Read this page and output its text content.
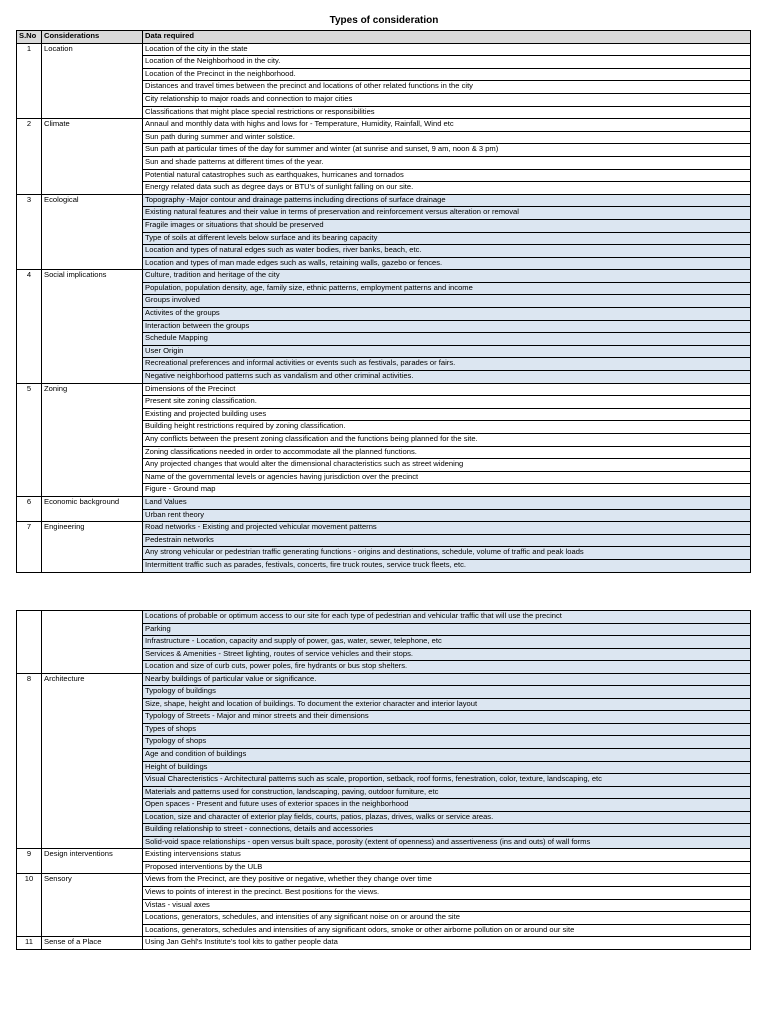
Types of consideration
S.No	Considerations	Data required
1	Location	Location of the city in the state
		Location of the Neighborhood in the city.
		Location of the Precinct in the neighborhood.
		Distances and travel times between the precinct and locations of other related functions in the city
		City relationship to major roads and connection to major cities
		Classifications that might place special restrictions or responsibilities
2	Climate	Annaul and monthly data with highs and lows for - Temperature, Humidity, Rainfall, Wind etc
		Sun path during summer and winter solstice.
		Sun path at particular times of the day for summer and winter (at sunrise and sunset, 9 am, noon & 3 pm)
		Sun and shade patterns at different times of the year.
		Potential natural catastrophes such as earthquakes, hurricanes and tornados
		Energy related data such as degree days or BTU's of sunlight falling on our site.
3	Ecological	Topography -Major contour and drainage patterns including directions of surface drainage
		Existing natural features and their value in terms of preservation and reinforcement versus alteration or removal
		Fragile images or situations that should be preserved
		Type of soils at different levels below surface and its bearing capacity
		Location and types of natural edges such as water bodies, river banks, beach, etc.
		Location and types of man made edges such as walls, retaining walls, gazebo or fences.
4	Social implications	Culture, tradition and heritage of the city
		Population, population density, age, family size, ethnic patterns, employment patterns and income
		Groups involved
		Activites of the groups
		Interaction between the groups
		Schedule Mapping
		User Origin
		Recreational preferences and informal activities or events such as festivals, parades or fairs.
		Negative neighborhood patterns such as vandalism and other criminal activities.
5	Zoning	Dimensions of the Precinct
		Present site zoning classification.
		Existing and projected building uses
		Building height restrictions required by zoning classification.
		Any conflicts between the present zoning classification and the functions being planned for the site.
		Zoning classifications needed in order to accommodate all the planned functions.
		Any projected changes that would alter the dimensional characteristics such as street widening
		Name of the governmental levels or agencies having jurisdiction over the precinct
		Figure - Ground map
6	Economic background	Land Values
		Urban rent theory
7	Engineering	Road networks - Existing and projected vehicular movement patterns
		Pedestrain networks
		Any strong vehicular or pedestrian traffic generating functions - origins and destinations, schedule, volume of traffic and peak loads
		Intermittent traffic such as parades, festivals, concerts, fire truck routes, service truck fleets, etc.
		Locations of probable or optimum access to our site for each type of pedestrian and vehicular traffic that will use the precinct
		Parking
		Infrastructure - Location, capacity and supply of power, gas, water, sewer, telephone, etc
		Services & Amenities - Street lighting, routes of service vehicles and their stops.
		Location and size of curb cuts, power poles, fire hydrants or bus stop shelters.
8	Architecture	Nearby buildings of particular value or significance.
		Typology of buildings
		Size, shape, height and location of buildings. To document the exterior character and interior layout
		Typology of Streets - Major and minor streets and their dimensions
		Types of shops
		Typology of shops
		Age and condition of buildings
		Height of buildings
		Visual Charecteristics - Architectural patterns such as scale, proportion, setback, roof forms, fenestration, color, texture, landscaping, etc
		Materials and patterns used for construction, landscaping, paving, outdoor furniture, etc
		Open spaces - Present and future uses of exterior spaces in the neighborhood
		Location, size and character of exterior play fields, courts, patios, plazas, drives, walks or service areas.
		Building relationship to street - connections, details and accessories
		Solid-void space relationships - open versus built space, porosity (extent of openness) and assertiveness (ins and outs) of wall forms
9	Design interventions	Existing intervensions status
		Proposed interventions by the ULB
10	Sensory	Views from the Precinct, are they positive or negative, whether they change over time
		Views to points of interest in the precinct. Best positions for the views.
		Vistas - visual axes
		Locations, generators, schedules, and intensities of any significant noise on or around the site
		Locations, generators, schedules and intensities of any significant odors, smoke or other airborne pollution on or around our site
11	Sense of a Place	Using Jan Gehl's Institute's tool kits to gather people data
